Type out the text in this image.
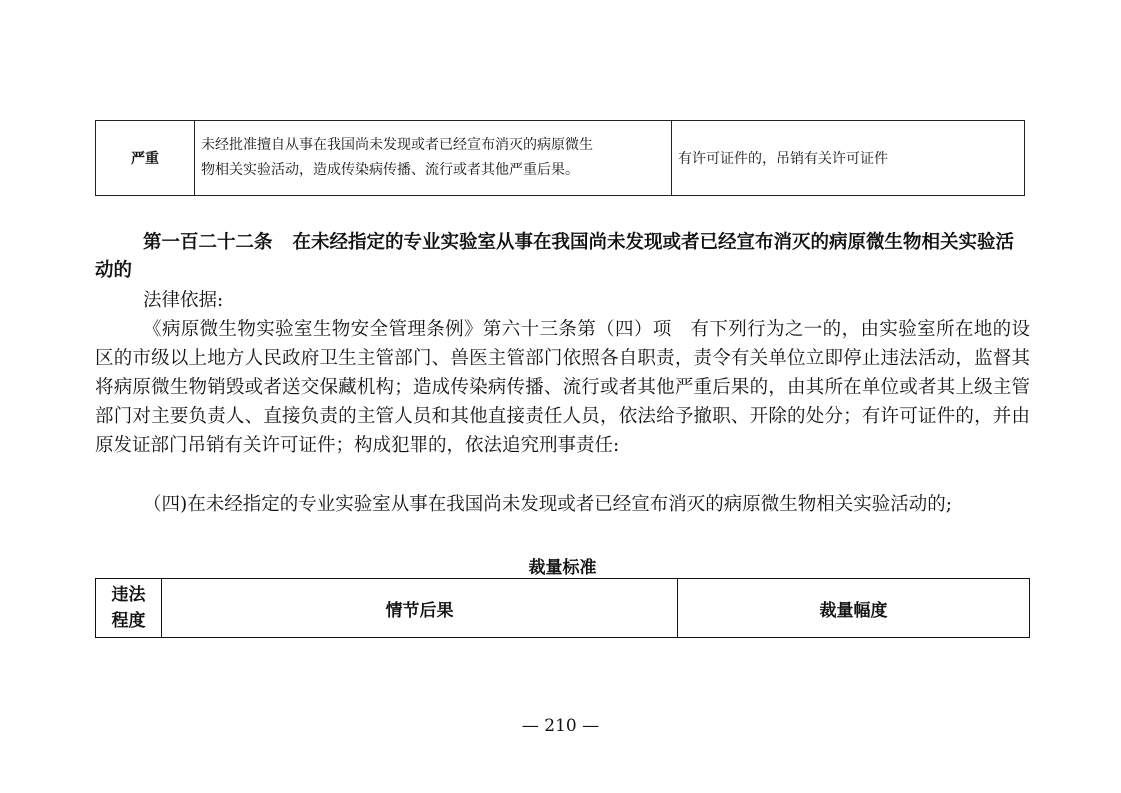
严重	未经批准擅自从事在我国尚未发现或者已经宣布消灭的病原微生
物相关实验活动，造成传染病传播、流行或者其他严重后果。	有许可证件的，吊销有关许可证件

第一百二十二条 在未经指定的专业实验室从事在我国尚未发现或者已经宣布消灭的病原微生物相关实验活动的

法律依据:

《病原微生物实验室生物安全管理条例》第六十三条第（四）项　有下列行为之一的，由实验室所在地的设区的市级以上地方人民政府卫生主管部门、兽医主管部门依照各自职责，责令有关单位立即停止违法活动，监督其将病原微生物销毁或者送交保藏机构；造成传染病传播、流行或者其他严重后果的，由其所在单位或者其上级主管部门对主要负责人、直接负责的主管人员和其他直接责任人员，依法给予撤职、开除的处分；有许可证件的，并由原发证部门吊销有关许可证件；构成犯罪的，依法追究刑事责任:

（四)在未经指定的专业实验室从事在我国尚未发现或者已经宣布消灭的病原微生物相关实验活动的;

裁量标准

违法
程度	情节后果	裁量幅度

— 210 —
